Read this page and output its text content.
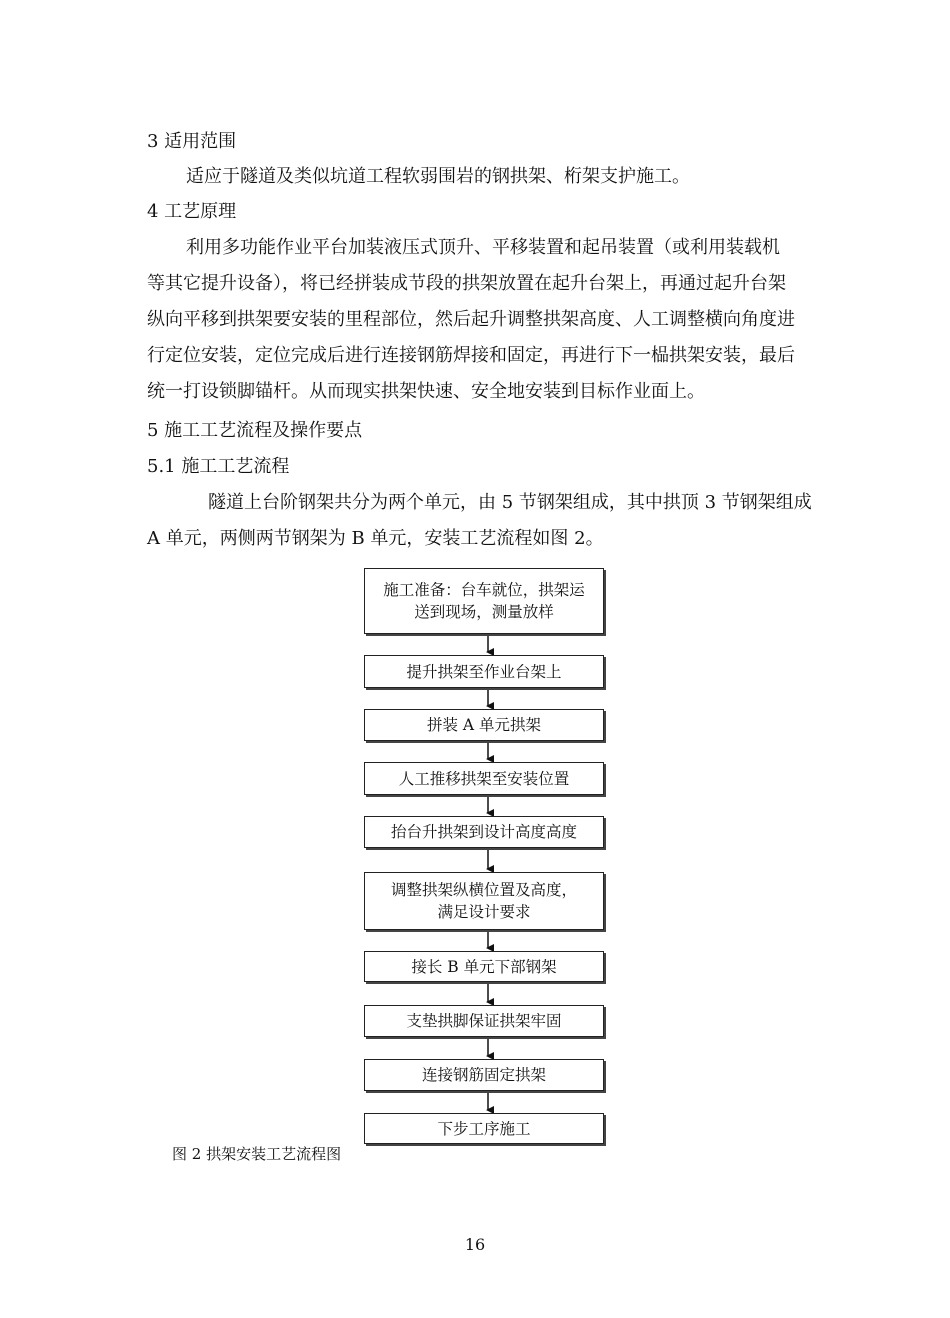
3 适用范围
适应于隧道及类似坑道工程软弱围岩的钢拱架、桁架支护施工。
4 工艺原理
利用多功能作业平台加装液压式顶升、平移装置和起吊装置（或利用装载机
等其它提升设备），将已经拼装成节段的拱架放置在起升台架上，再通过起升台架
纵向平移到拱架要安装的里程部位，然后起升调整拱架高度、人工调整横向角度进
行定位安装，定位完成后进行连接钢筋焊接和固定，再进行下一榀拱架安装，最后
统一打设锁脚锚杆。从而现实拱架快速、安全地安装到目标作业面上。
5 施工工艺流程及操作要点
5.1 施工工艺流程
隧道上台阶钢架共分为两个单元，由 5 节钢架组成，其中拱顶 3 节钢架组成
A 单元，两侧两节钢架为 B 单元，安装工艺流程如图 2。
施工准备：台车就位，拱架运
送到现场，测量放样
提升拱架至作业台架上
拼装 A 单元拱架
人工推移拱架至安装位置
抬台升拱架到设计高度高度
调整拱架纵横位置及高度，
满足设计要求
接长 B 单元下部钢架
支垫拱脚保证拱架牢固
连接钢筋固定拱架
下步工序施工
图 2 拱架安装工艺流程图
16
